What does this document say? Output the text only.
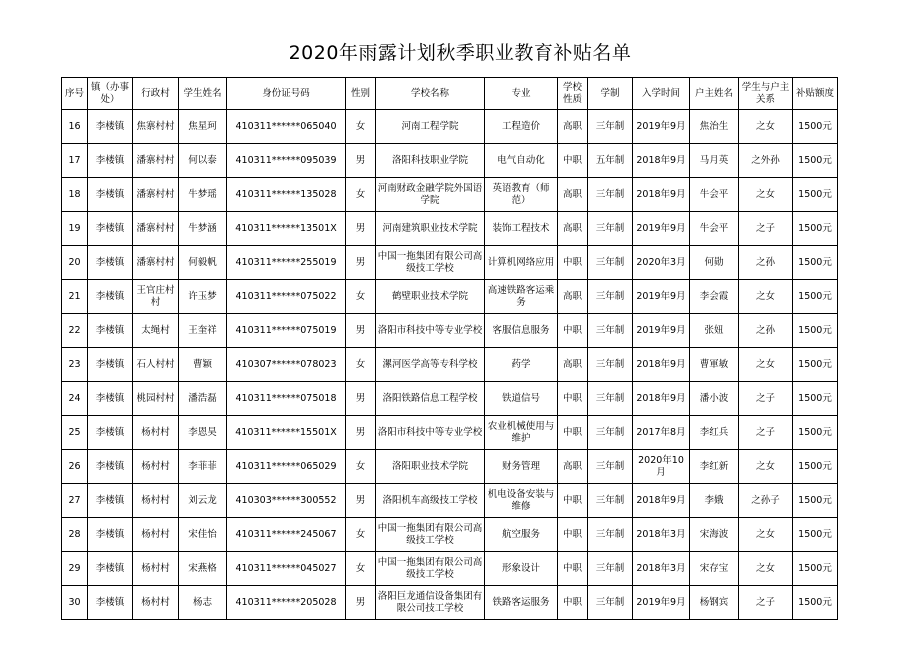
2020年雨露计划秋季职业教育补贴名单
序号	镇（办事处）	行政村	学生姓名	身份证号码	性别	学校名称	专业	学校性质	学制	入学时间	户主姓名	学生与户主关系	补贴额度
16	李楼镇	焦寨村村	焦星珂	410311******065040	女	河南工程学院	工程造价	高职	三年制	2019年9月	焦治生	之女	1500元
17	李楼镇	潘寨村村	何以泰	410311******095039	男	洛阳科技职业学院	电气自动化	中职	五年制	2018年9月	马月英	之外孙	1500元
18	李楼镇	潘寨村村	牛梦瑶	410311******135028	女	河南财政金融学院外国语学院	英语教育（师范）	高职	三年制	2018年9月	牛会平	之女	1500元
19	李楼镇	潘寨村村	牛梦涵	410311******13501X	男	河南建筑职业技术学院	装饰工程技术	高职	三年制	2019年9月	牛会平	之子	1500元
20	李楼镇	潘寨村村	何毅帆	410311******255019	男	中国一拖集团有限公司高级技工学校	计算机网络应用	中职	三年制	2020年3月	何勋	之孙	1500元
21	李楼镇	王官庄村村	许玉梦	410311******075022	女	鹤壁职业技术学院	高速铁路客运乘务	高职	三年制	2019年9月	李会霞	之女	1500元
22	李楼镇	太绳村	王奎祥	410311******075019	男	洛阳市科技中等专业学校	客服信息服务	中职	三年制	2019年9月	张妞	之孙	1500元
23	李楼镇	石人村村	曹颖	410307******078023	女	漯河医学高等专科学校	药学	高职	三年制	2018年9月	曹軍敏	之女	1500元
24	李楼镇	桃园村村	潘浩磊	410311******075018	男	洛阳铁路信息工程学校	铁道信号	中职	三年制	2018年9月	潘小波	之子	1500元
25	李楼镇	杨村村	李恩昊	410311******15501X	男	洛阳市科技中等专业学校	农业机械使用与维护	中职	三年制	2017年8月	李红兵	之子	1500元
26	李楼镇	杨村村	李菲菲	410311******065029	女	洛阳职业技术学院	财务管理	高职	三年制	2020年10月	李红新	之女	1500元
27	李楼镇	杨村村	刘云龙	410303******300552	男	洛阳机车高级技工学校	机电设备安装与维修	中职	三年制	2018年9月	李娥	之孙子	1500元
28	李楼镇	杨村村	宋佳怡	410311******245067	女	中国一拖集团有限公司高级技工学校	航空服务	中职	三年制	2018年3月	宋海波	之女	1500元
29	李楼镇	杨村村	宋燕格	410311******045027	女	中国一拖集团有限公司高级技工学校	形象设计	中职	三年制	2018年3月	宋存宝	之女	1500元
30	李楼镇	杨村村	杨志	410311******205028	男	洛阳巨龙通信设备集团有限公司技工学校	铁路客运服务	中职	三年制	2019年9月	杨钢宾	之子	1500元
